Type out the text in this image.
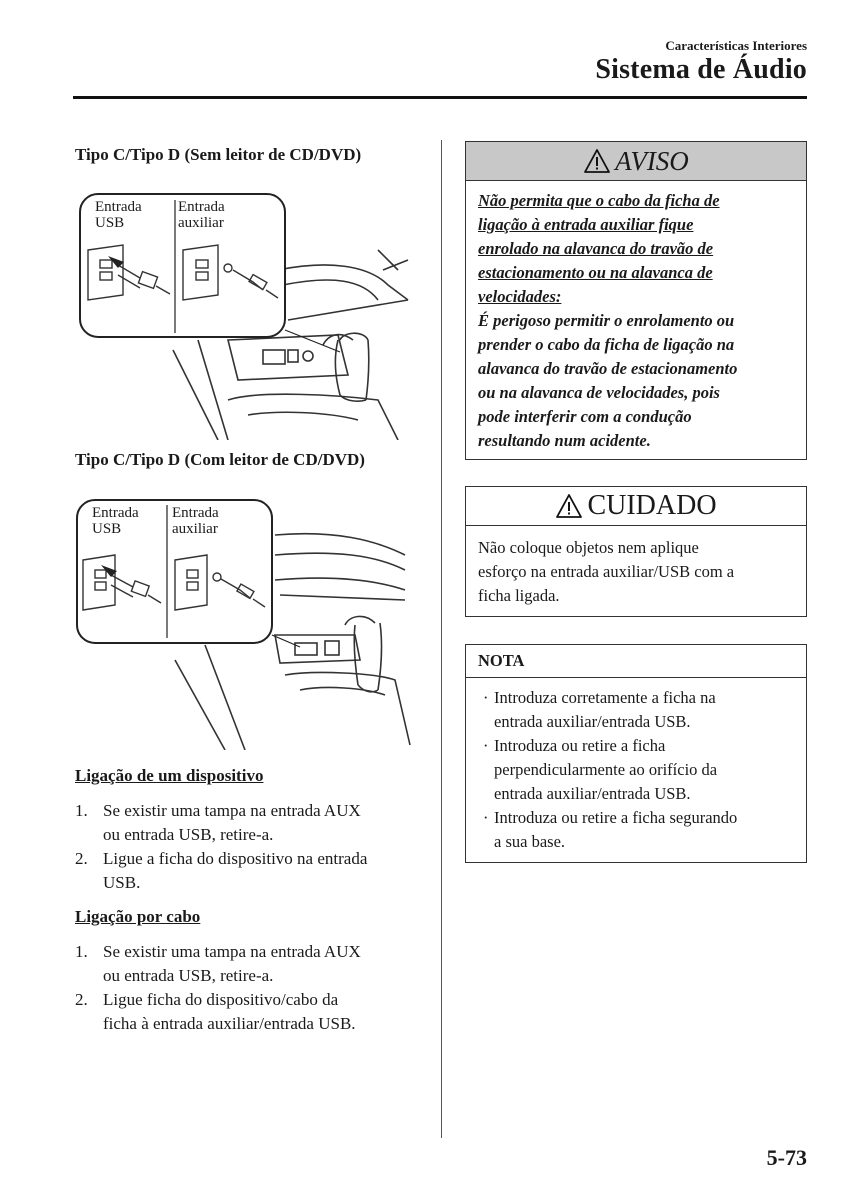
Características Interiores
Sistema de Áudio
Tipo C/Tipo D (Sem leitor de CD/DVD)
Entrada
USB
Entrada
auxiliar
Tipo C/Tipo D (Com leitor de CD/DVD)
Entrada
USB
Entrada
auxiliar
Ligação de um dispositivo
1. Se existir uma tampa na entrada AUX
ou entrada USB, retire-a.
2. Ligue a ficha do dispositivo na entrada
USB.
Ligação por cabo
1. Se existir uma tampa na entrada AUX
ou entrada USB, retire-a.
2. Ligue ficha do dispositivo/cabo da
ficha à entrada auxiliar/entrada USB.
AVISO
Não permita que o cabo da ficha de
ligação à entrada auxiliar fique
enrolado na alavanca do travão de
estacionamento ou na alavanca de
velocidades:
É perigoso permitir o enrolamento ou
prender o cabo da ficha de ligação na
alavanca do travão de estacionamento
ou na alavanca de velocidades, pois
pode interferir com a condução
resultando num acidente.
CUIDADO
Não coloque objetos nem aplique
esforço na entrada auxiliar/USB com a
ficha ligada.
NOTA
· Introduza corretamente a ficha na
entrada auxiliar/entrada USB.
· Introduza ou retire a ficha
perpendicularmente ao orifício da
entrada auxiliar/entrada USB.
· Introduza ou retire a ficha segurando
a sua base.
5-73
